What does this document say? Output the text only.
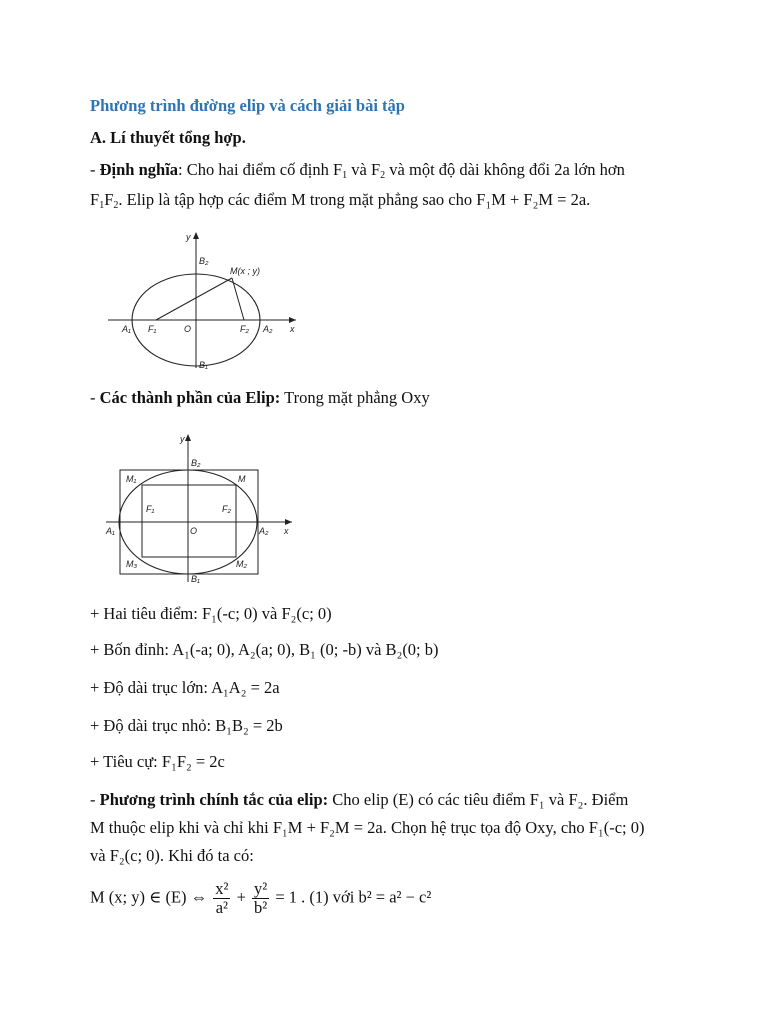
Phương trình đường elip và cách giải bài tập
A. Lí thuyết tổng hợp.
- Định nghĩa: Cho hai điểm cố định $F_1$ và $F_2$ và một độ dài không đổi 2a lớn hơn
$F_1F_2$. Elip là tập hợp các điểm M trong mặt phẳng sao cho F₁M + F₂M = 2a.
y
x
B₂
B₁
A₁	A₂
F₁	F₂
O
M(x ; y)
- Các thành phần của Elip: Trong mặt phẳng Oxy
y
x
B₂
B₁
A₁	A₂
F₁	F₂
O
M
M₁
M₃	M₂
+ Hai tiêu điểm: F₁(-c; 0) và F₂(c; 0)
+ Bốn đỉnh: A₁(-a; 0), A₂(a; 0), B₁ (0; -b) và B₂(0; b)
+ Độ dài trục lớn: A₁A₂ = 2a
+ Độ dài trục nhỏ: B₁B₂ = 2b
+ Tiêu cự: F₁F₂ = 2c
- Phương trình chính tắc của elip: Cho elip (E) có các tiêu điểm F₁ và F₂. Điểm
M thuộc elip khi và chỉ khi F₁M + F₂M = 2a. Chọn hệ trục tọa độ Oxy, cho F₁(-c; 0)
và F₂(c; 0). Khi đó ta có:
M (x; y) ∈ (E) ⇔ $\frac{\text{x²}}{\text{a²}} + \frac{\text{y²}}{\text{b²}} = 1$ . (1) với b² = a² − c²
